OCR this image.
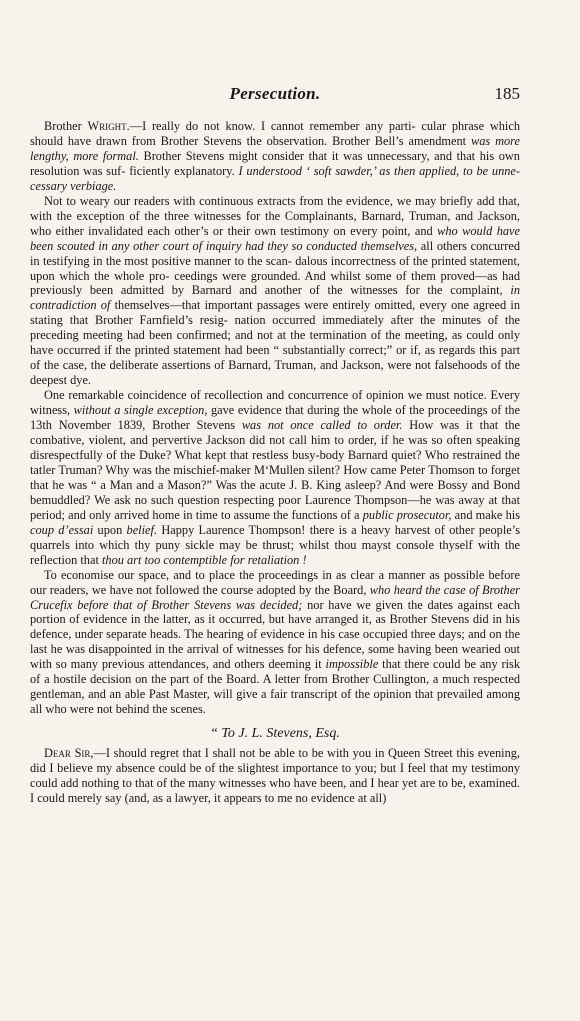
Persecution.	185

Brother Wright.—I really do not know. I cannot remember any parti- cular phrase which should have drawn from Brother Stevens the observation. Brother Bell’s amendment was more lengthy, more formal. Brother Stevens might consider that it was unnecessary, and that his own resolution was suf- ficiently explanatory. I understood ‘ soft sawder,’ as then applied, to be unne- cessary verbiage.

Not to weary our readers with continuous extracts from the evidence, we may briefly add that, with the exception of the three witnesses for the Complainants, Barnard, Truman, and Jackson, who either invalidated each other’s or their own testimony on every point, and who would have been scouted in any other court of inquiry had they so conducted themselves, all others concurred in testifying in the most positive manner to the scan- dalous incorrectness of the printed statement, upon which the whole pro- ceedings were grounded. And whilst some of them proved—as had previously been admitted by Barnard and another of the witnesses for the complaint, in contradiction of themselves—that important passages were entirely omitted, every one agreed in stating that Brother Farnfield’s resig- nation occurred immediately after the minutes of the preceding meeting had been confirmed; and not at the termination of the meeting, as could only have occurred if the printed statement had been “ substantially correct;” or if, as regards this part of the case, the deliberate assertions of Barnard, Truman, and Jackson, were not falsehoods of the deepest dye.

One remarkable coincidence of recollection and concurrence of opinion we must notice. Every witness, without a single exception, gave evidence that during the whole of the proceedings of the 13th November 1839, Brother Stevens was not once called to order. How was it that the combative, violent, and pervertive Jackson did not call him to order, if he was so often speaking disrespectfully of the Duke? What kept that restless busy-body Barnard quiet? Who restrained the tatler Truman? Why was the mischief-maker M‘Mullen silent? How came Peter Thomson to forget that he was “ a Man and a Mason?” Was the acute J. B. King asleep? And were Bossy and Bond bemuddled? We ask no such question respecting poor Laurence Thompson—he was away at that period; and only arrived home in time to assume the functions of a public prosecutor, and make his coup d’essai upon belief. Happy Laurence Thompson! there is a heavy harvest of other people’s quarrels into which thy puny sickle may be thrust; whilst thou mayst console thyself with the reflection that thou art too contemptible for retaliation !

To economise our space, and to place the proceedings in as clear a manner as possible before our readers, we have not followed the course adopted by the Board, who heard the case of Brother Crucefix before that of Brother Stevens was decided; nor have we given the dates against each portion of evidence in the latter, as it occurred, but have arranged it, as Brother Stevens did in his defence, under separate heads. The hearing of evidence in his case occupied three days; and on the last he was disappointed in the arrival of witnesses for his defence, some having been wearied out with so many previous attendances, and others deeming it impossible that there could be any risk of a hostile decision on the part of the Board. A letter from Brother Cullington, a much respected gentleman, and an able Past Master, will give a fair transcript of the opinion that prevailed among all who were not behind the scenes.

“ To J. L. Stevens, Esq.

Dear Sir,—I should regret that I shall not be able to be with you in Queen Street this evening, did I believe my absence could be of the slightest importance to you; but I feel that my testimony could add nothing to that of the many witnesses who have been, and I hear yet are to be, examined. I could merely say (and, as a lawyer, it appears to me no evidence at all)
